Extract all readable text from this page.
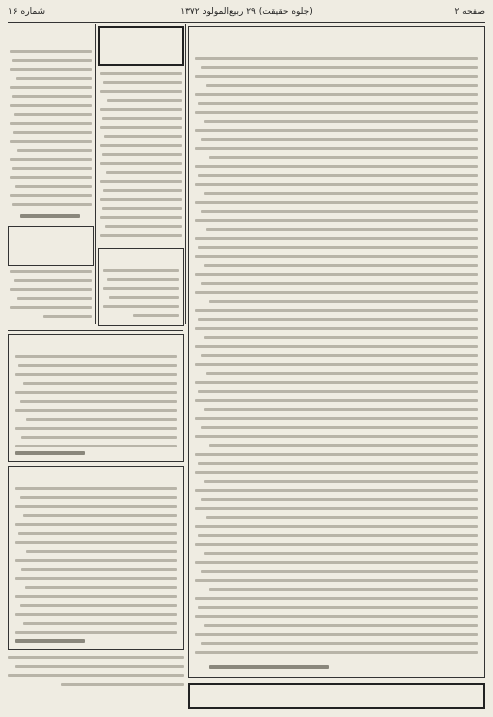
صفحه ۲
(جلوه حقیقت) ۲۹ ربیع‌المولود ۱۳۷۲
شماره ۱۶
